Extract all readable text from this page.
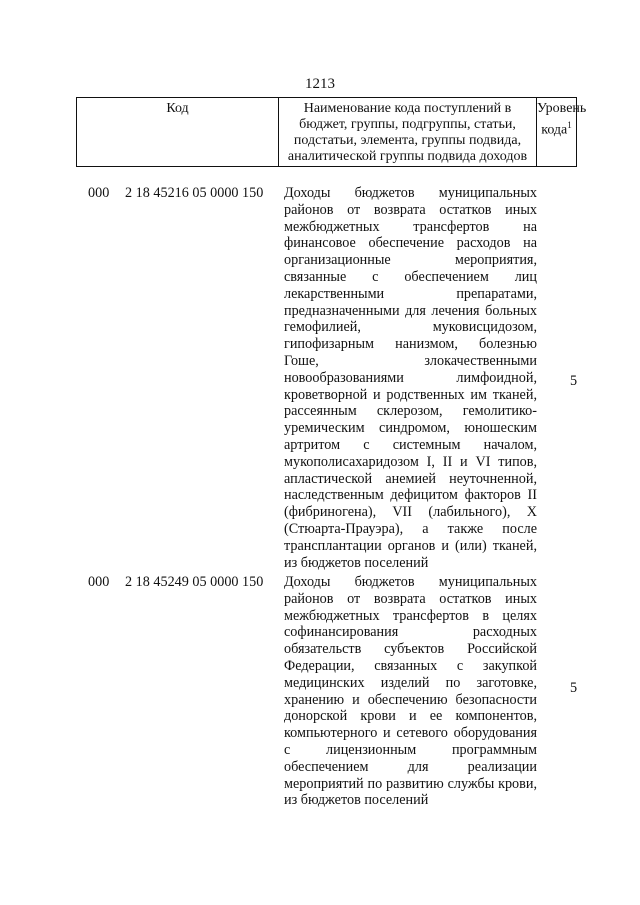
1213
Код	Наименование кода поступлений в бюджет, группы, подгруппы, статьи, подстатьи, элемента, группы подвида, аналитической группы подвида доходов
Уровень кода$^1$
000 2 18 45216 05 0000 150 Доходы бюджетов муниципальных районов от возврата остатков иных межбюджетных трансфертов на финансовое обеспечение расходов на организационные мероприятия, связанные с обеспечением лиц лекарственными препаратами, предназначенными для лечения больных гемофилией, муковисцидозом, гипофизарным нанизмом, болезнью Гоше, злокачественными новообразованиями лимфоидной, кроветворной и родственных им тканей, рассеянным склерозом, гемолитико-уремическим синдромом, юношеским артритом с системным началом, мукополисахаридозом I, II и VI типов, апластической анемией неуточненной, наследственным дефицитом факторов II (фибриногена), VII (лабильного), X (Стюарта-Прауэра), а также после трансплантации органов и (или) тканей, из бюджетов поселений
5
000 2 18 45249 05 0000 150 Доходы бюджетов муниципальных районов от возврата остатков иных межбюджетных трансфертов в целях софинансирования расходных обязательств субъектов Российской Федерации, связанных с закупкой медицинских изделий по заготовке, хранению и обеспечению безопасности донорской крови и ее компонентов, компьютерного и сетевого оборудования с лицензионным программным обеспечением для реализации мероприятий по развитию службы крови, из бюджетов поселений
5
